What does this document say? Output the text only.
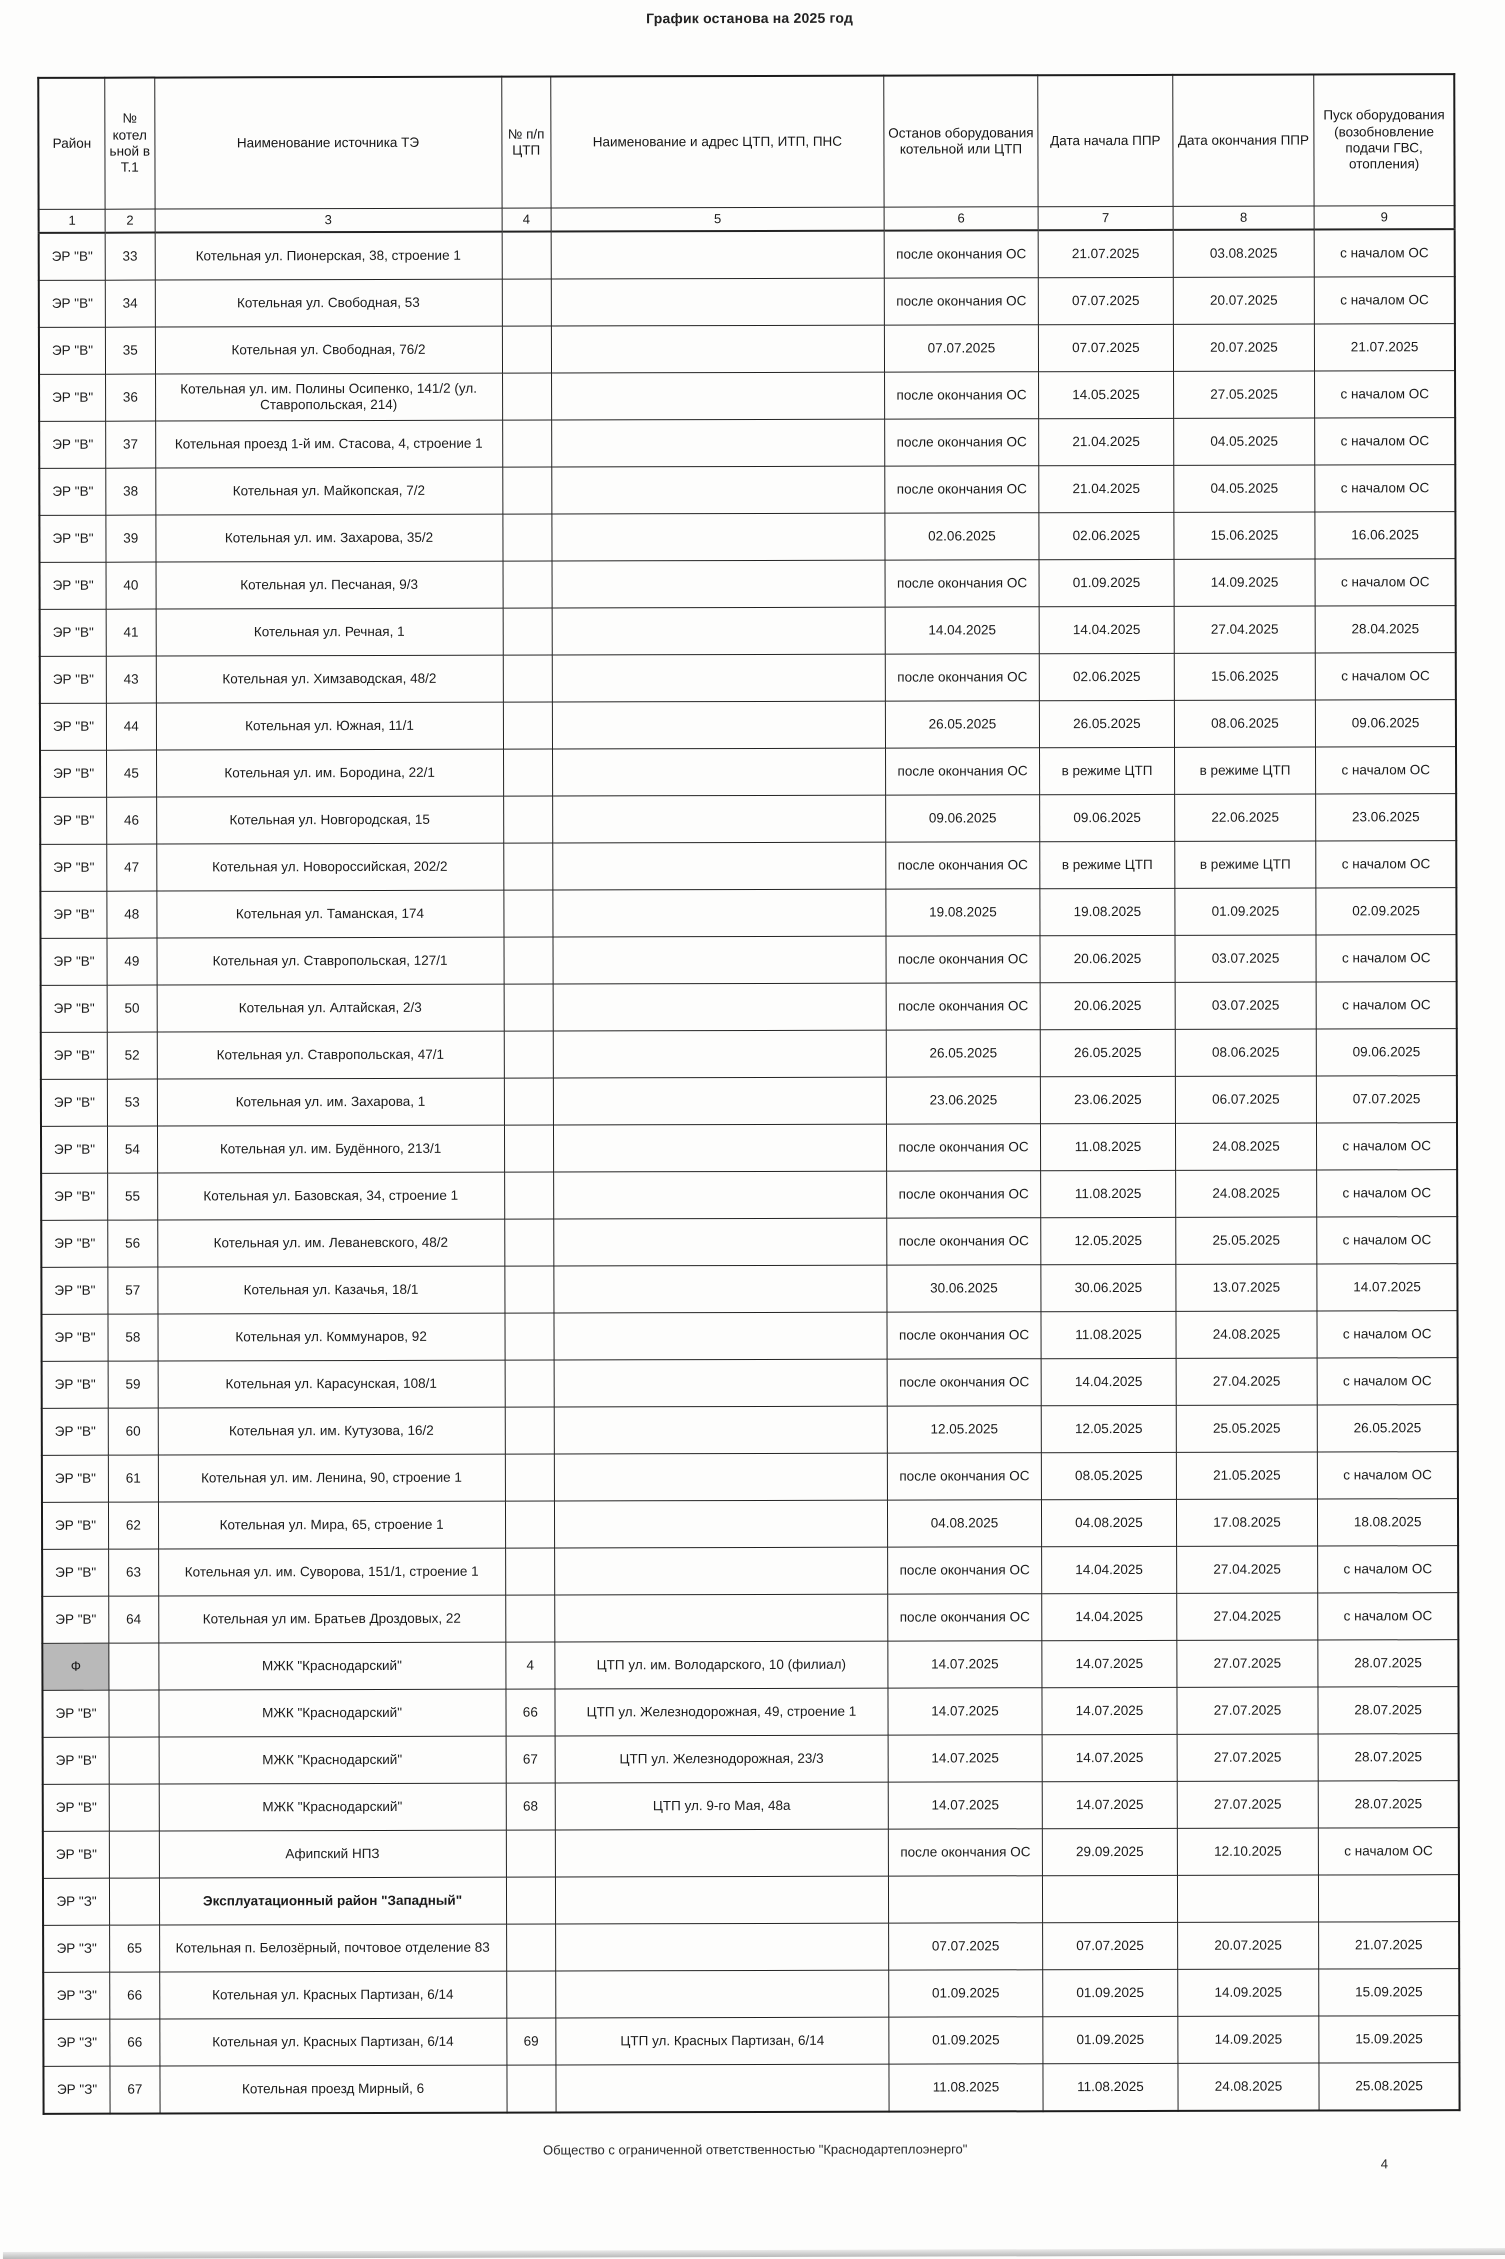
График останова на 2025 год
Район	№ котельной в Т.1	Наименование источника ТЭ	№ п/п ЦТП	Наименование и адрес ЦТП, ИТП, ПНС	Останов оборудования котельной или ЦТП	Дата начала ППР	Дата окончания ППР	Пуск оборудования (возобновление подачи ГВС, отопления)
1	2	3	4	5	6	7	8	9
ЭР "В"	33	Котельная ул. Пионерская, 38, строение 1			после окончания ОС	21.07.2025	03.08.2025	с началом ОС
ЭР "В"	34	Котельная ул. Свободная, 53			после окончания ОС	07.07.2025	20.07.2025	с началом ОС
ЭР "В"	35	Котельная ул. Свободная, 76/2			07.07.2025	07.07.2025	20.07.2025	21.07.2025
ЭР "В"	36	Котельная ул. им. Полины Осипенко, 141/2 (ул. Ставропольская, 214)			после окончания ОС	14.05.2025	27.05.2025	с началом ОС
ЭР "В"	37	Котельная проезд 1-й им. Стасова, 4, строение 1			после окончания ОС	21.04.2025	04.05.2025	с началом ОС
ЭР "В"	38	Котельная ул. Майкопская, 7/2			после окончания ОС	21.04.2025	04.05.2025	с началом ОС
ЭР "В"	39	Котельная ул. им. Захарова, 35/2			02.06.2025	02.06.2025	15.06.2025	16.06.2025
ЭР "В"	40	Котельная ул. Песчаная, 9/3			после окончания ОС	01.09.2025	14.09.2025	с началом ОС
ЭР "В"	41	Котельная ул. Речная, 1			14.04.2025	14.04.2025	27.04.2025	28.04.2025
ЭР "В"	43	Котельная ул. Химзаводская, 48/2			после окончания ОС	02.06.2025	15.06.2025	с началом ОС
ЭР "В"	44	Котельная ул. Южная, 11/1			26.05.2025	26.05.2025	08.06.2025	09.06.2025
ЭР "В"	45	Котельная ул. им. Бородина, 22/1			после окончания ОС	в режиме ЦТП	в режиме ЦТП	с началом ОС
ЭР "В"	46	Котельная ул. Новгородская, 15			09.06.2025	09.06.2025	22.06.2025	23.06.2025
ЭР "В"	47	Котельная ул. Новороссийская, 202/2			после окончания ОС	в режиме ЦТП	в режиме ЦТП	с началом ОС
ЭР "В"	48	Котельная ул. Таманская, 174			19.08.2025	19.08.2025	01.09.2025	02.09.2025
ЭР "В"	49	Котельная ул. Ставропольская, 127/1			после окончания ОС	20.06.2025	03.07.2025	с началом ОС
ЭР "В"	50	Котельная ул. Алтайская, 2/3			после окончания ОС	20.06.2025	03.07.2025	с началом ОС
ЭР "В"	52	Котельная ул. Ставропольская, 47/1			26.05.2025	26.05.2025	08.06.2025	09.06.2025
ЭР "В"	53	Котельная ул. им. Захарова, 1			23.06.2025	23.06.2025	06.07.2025	07.07.2025
ЭР "В"	54	Котельная ул. им. Будённого, 213/1			после окончания ОС	11.08.2025	24.08.2025	с началом ОС
ЭР "В"	55	Котельная ул. Базовская, 34, строение 1			после окончания ОС	11.08.2025	24.08.2025	с началом ОС
ЭР "В"	56	Котельная ул. им. Леваневского, 48/2			после окончания ОС	12.05.2025	25.05.2025	с началом ОС
ЭР "В"	57	Котельная ул. Казачья, 18/1			30.06.2025	30.06.2025	13.07.2025	14.07.2025
ЭР "В"	58	Котельная ул. Коммунаров, 92			после окончания ОС	11.08.2025	24.08.2025	с началом ОС
ЭР "В"	59	Котельная ул. Карасунская, 108/1			после окончания ОС	14.04.2025	27.04.2025	с началом ОС
ЭР "В"	60	Котельная ул. им. Кутузова, 16/2			12.05.2025	12.05.2025	25.05.2025	26.05.2025
ЭР "В"	61	Котельная ул. им. Ленина, 90, строение 1			после окончания ОС	08.05.2025	21.05.2025	с началом ОС
ЭР "В"	62	Котельная ул. Мира, 65, строение 1			04.08.2025	04.08.2025	17.08.2025	18.08.2025
ЭР "В"	63	Котельная ул. им. Суворова, 151/1, строение 1			после окончания ОС	14.04.2025	27.04.2025	с началом ОС
ЭР "В"	64	Котельная ул им. Братьев Дроздовых, 22			после окончания ОС	14.04.2025	27.04.2025	с началом ОС
Ф		МЖК "Краснодарский"	4	ЦТП ул. им. Володарского, 10 (филиал)	14.07.2025	14.07.2025	27.07.2025	28.07.2025
ЭР "В"		МЖК "Краснодарский"	66	ЦТП ул. Железнодорожная, 49, строение 1	14.07.2025	14.07.2025	27.07.2025	28.07.2025
ЭР "В"		МЖК "Краснодарский"	67	ЦТП ул. Железнодорожная, 23/3	14.07.2025	14.07.2025	27.07.2025	28.07.2025
ЭР "В"		МЖК "Краснодарский"	68	ЦТП ул. 9-го Мая, 48а	14.07.2025	14.07.2025	27.07.2025	28.07.2025
ЭР "В"		Афипский НПЗ			после окончания ОС	29.09.2025	12.10.2025	с началом ОС
ЭР "З"		Эксплуатационный район "Западный"						
ЭР "З"	65	Котельная п. Белозёрный, почтовое отделение 83			07.07.2025	07.07.2025	20.07.2025	21.07.2025
ЭР "З"	66	Котельная ул. Красных Партизан, 6/14			01.09.2025	01.09.2025	14.09.2025	15.09.2025
ЭР "З"	66	Котельная ул. Красных Партизан, 6/14	69	ЦТП ул. Красных Партизан, 6/14	01.09.2025	01.09.2025	14.09.2025	15.09.2025
ЭР "З"	67	Котельная проезд Мирный, 6			11.08.2025	11.08.2025	24.08.2025	25.08.2025
Общество с ограниченной ответственностью "Краснодартеплоэнерго"
4
